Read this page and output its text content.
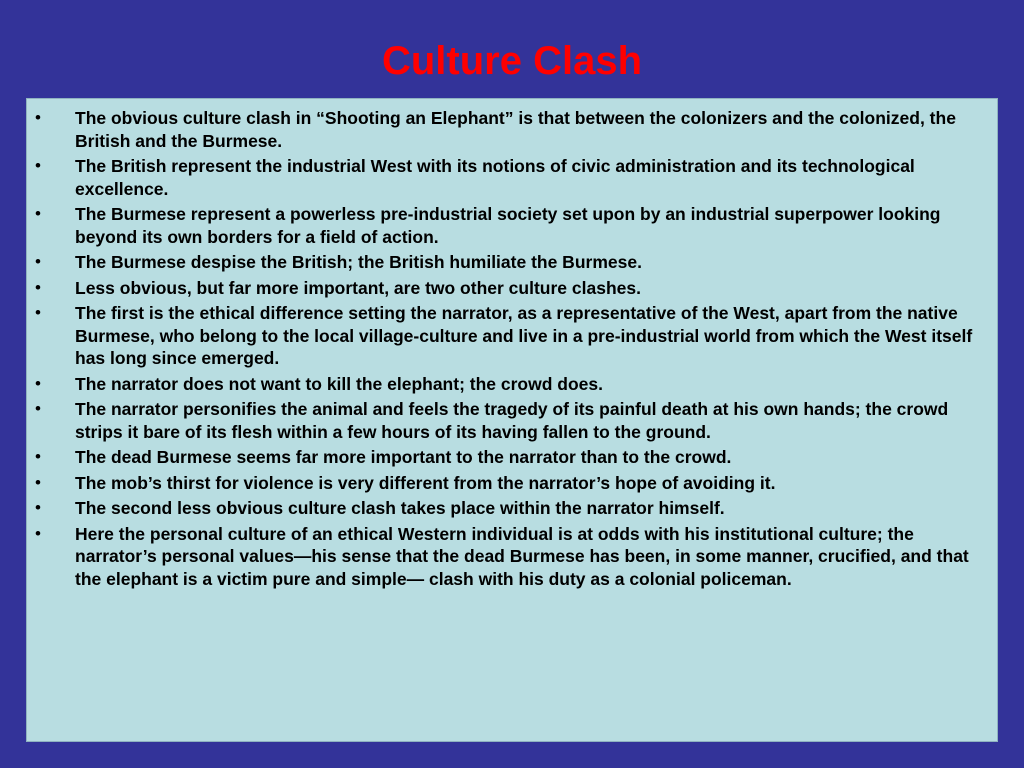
Culture Clash
• The obvious culture clash in “Shooting an Elephant” is that between the colonizers and the colonized, the British and the Burmese.
• The British represent the industrial West with its notions of civic administration and its technological excellence.
• The Burmese represent a powerless pre-industrial society set upon by an industrial superpower looking beyond its own borders for a field of action.
• The Burmese despise the British; the British humiliate the Burmese.
• Less obvious, but far more important, are two other culture clashes.
• The first is the ethical difference setting the narrator, as a representative of the West, apart from the native Burmese, who belong to the local village-culture and live in a pre-industrial world from which the West itself has long since emerged.
• The narrator does not want to kill the elephant; the crowd does.
• The narrator personifies the animal and feels the tragedy of its painful death at his own hands; the crowd strips it bare of its flesh within a few hours of its having fallen to the ground.
• The dead Burmese seems far more important to the narrator than to the crowd.
• The mob’s thirst for violence is very different from the narrator’s hope of avoiding it.
• The second less obvious culture clash takes place within the narrator himself.
• Here the personal culture of an ethical Western individual is at odds with his institutional culture; the narrator’s personal values—his sense that the dead Burmese has been, in some manner, crucified, and that the elephant is a victim pure and simple— clash with his duty as a colonial policeman.
